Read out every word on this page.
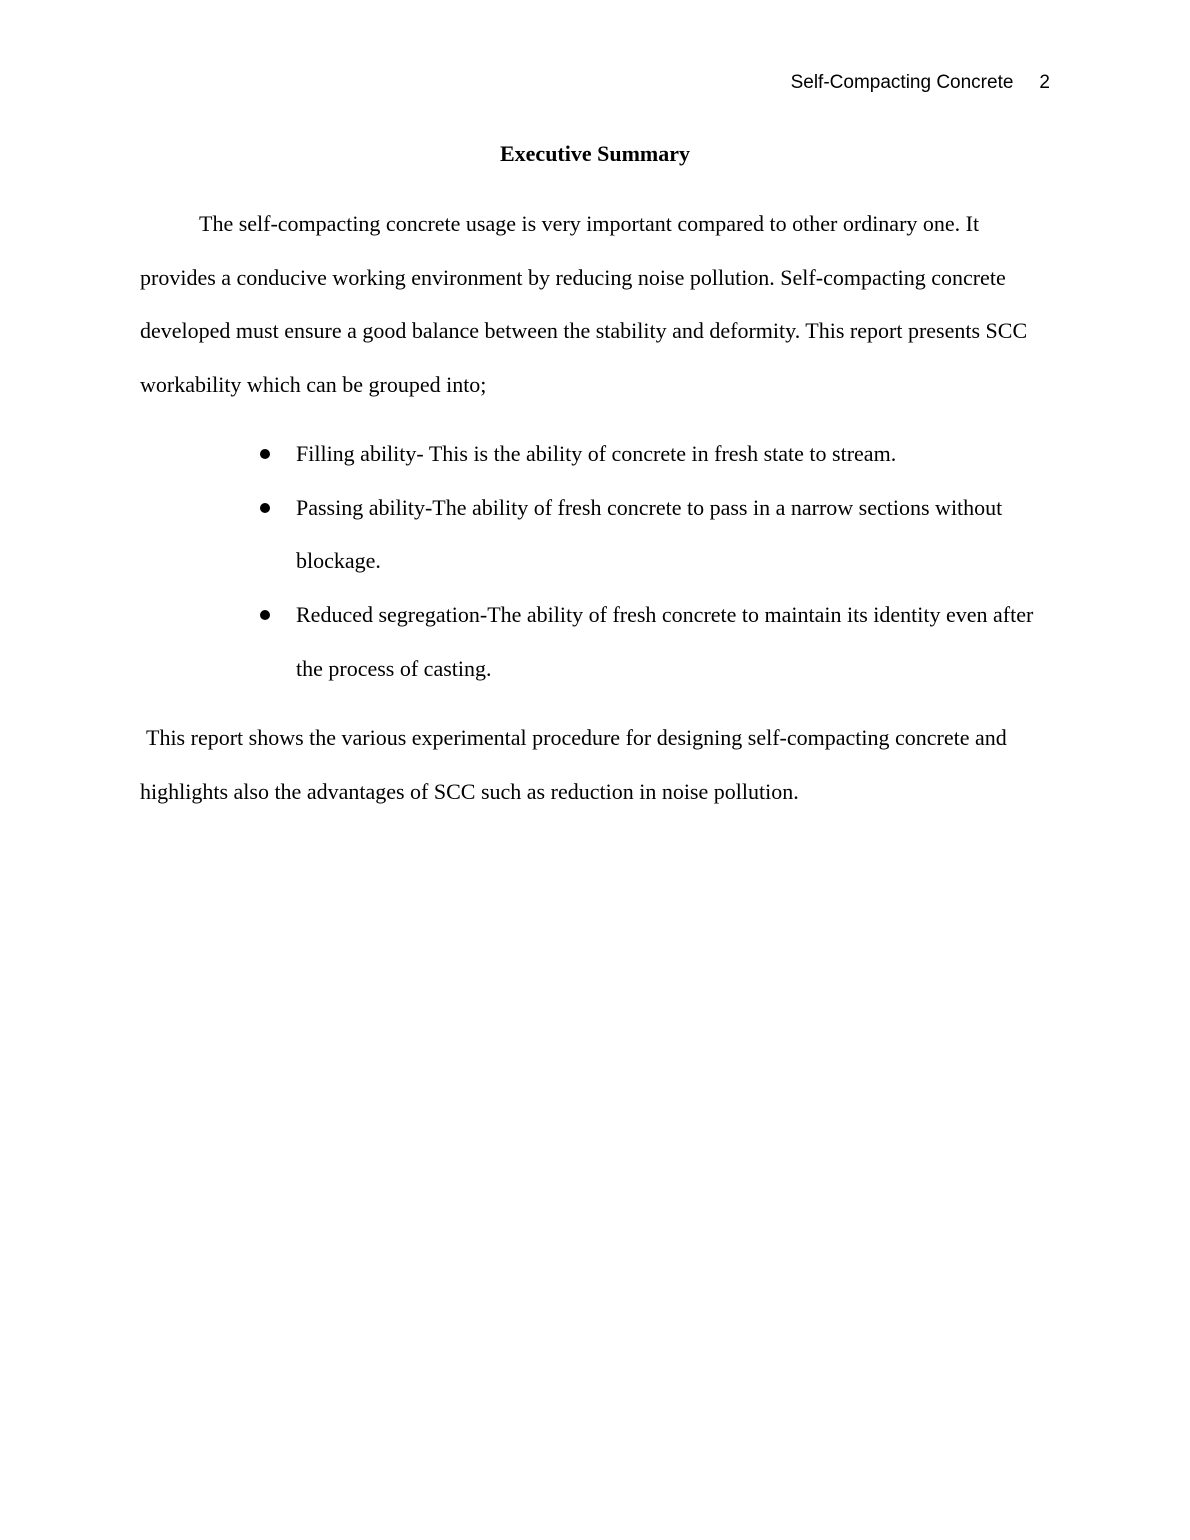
Self-Compacting Concrete 2
Executive Summary

The self-compacting concrete usage is very important compared to other ordinary one. It provides a conducive working environment by reducing noise pollution. Self-compacting concrete developed must ensure a good balance between the stability and deformity. This report presents SCC workability which can be grouped into;

Filling ability- This is the ability of concrete in fresh state to stream.
Passing ability-The ability of fresh concrete to pass in a narrow sections without blockage.
Reduced segregation-The ability of fresh concrete to maintain its identity even after the process of casting.

This report shows the various experimental procedure for designing self-compacting concrete and highlights also the advantages of SCC such as reduction in noise pollution.
